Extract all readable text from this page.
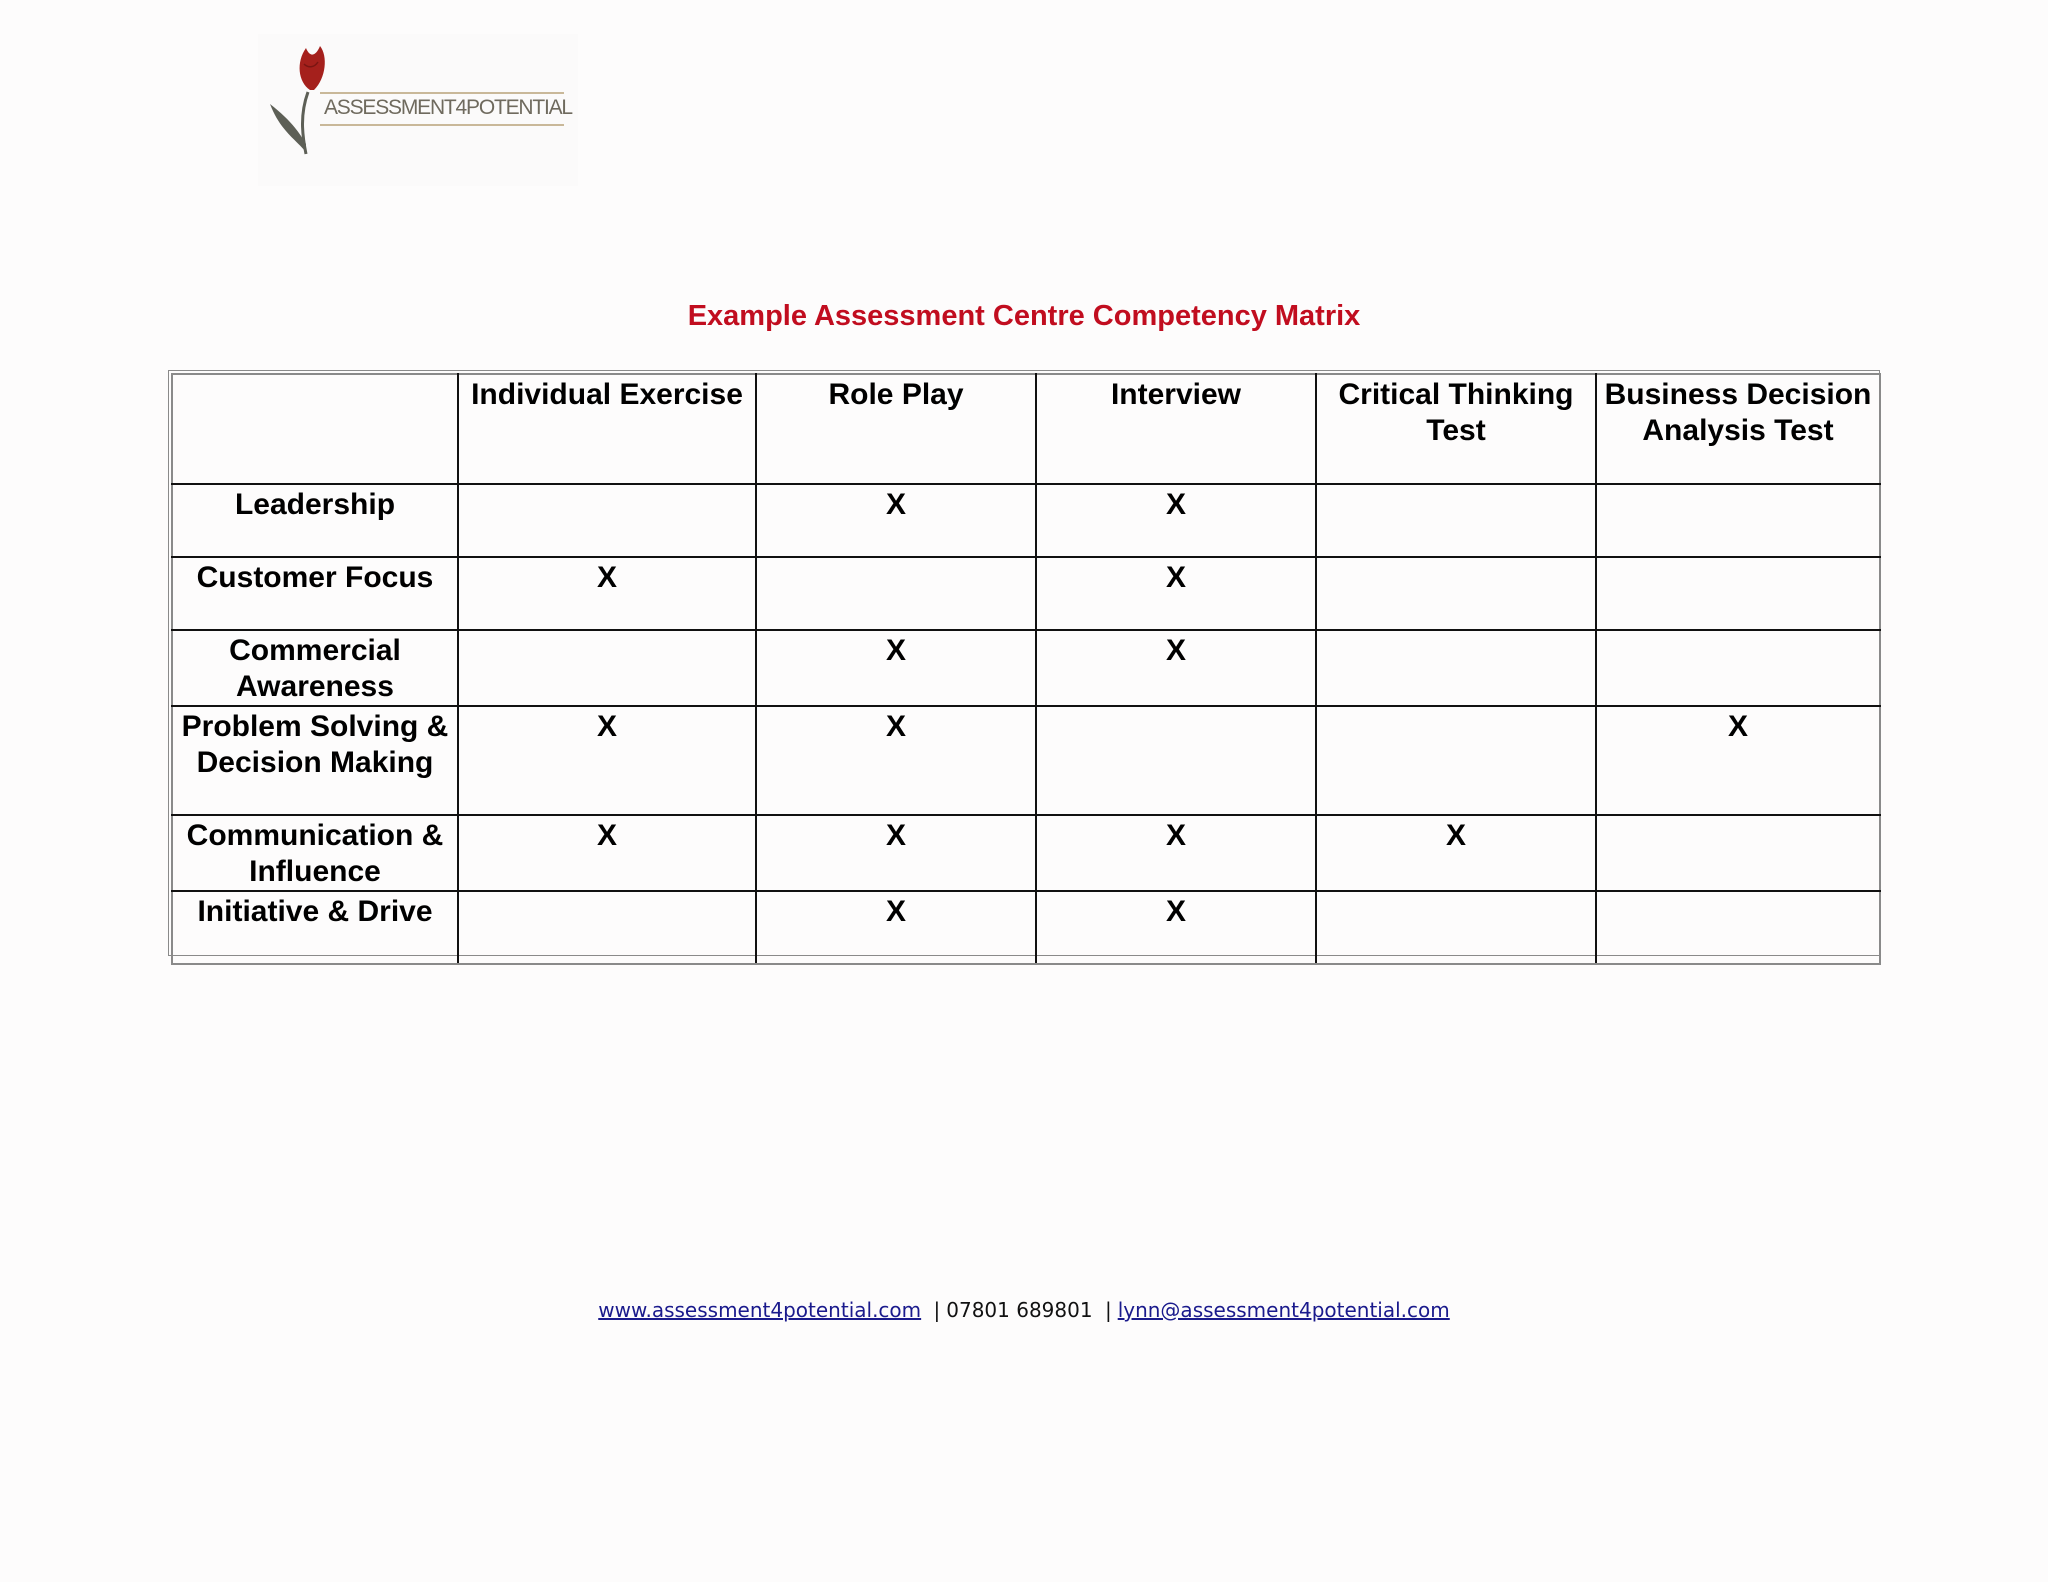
ASSESSMENT4POTENTIAL
Example Assessment Centre Competency Matrix
	Individual Exercise	Role Play	Interview	Critical Thinking Test	Business Decision Analysis Test
Leadership		X	X		
Customer Focus	X		X		
Commercial Awareness		X	X		
Problem Solving & Decision Making	X	X			X
Communication & Influence	X	X	X	X	
Initiative & Drive		X	X		
www.assessment4potential.com | 07801 689801 | lynn@assessment4potential.com
